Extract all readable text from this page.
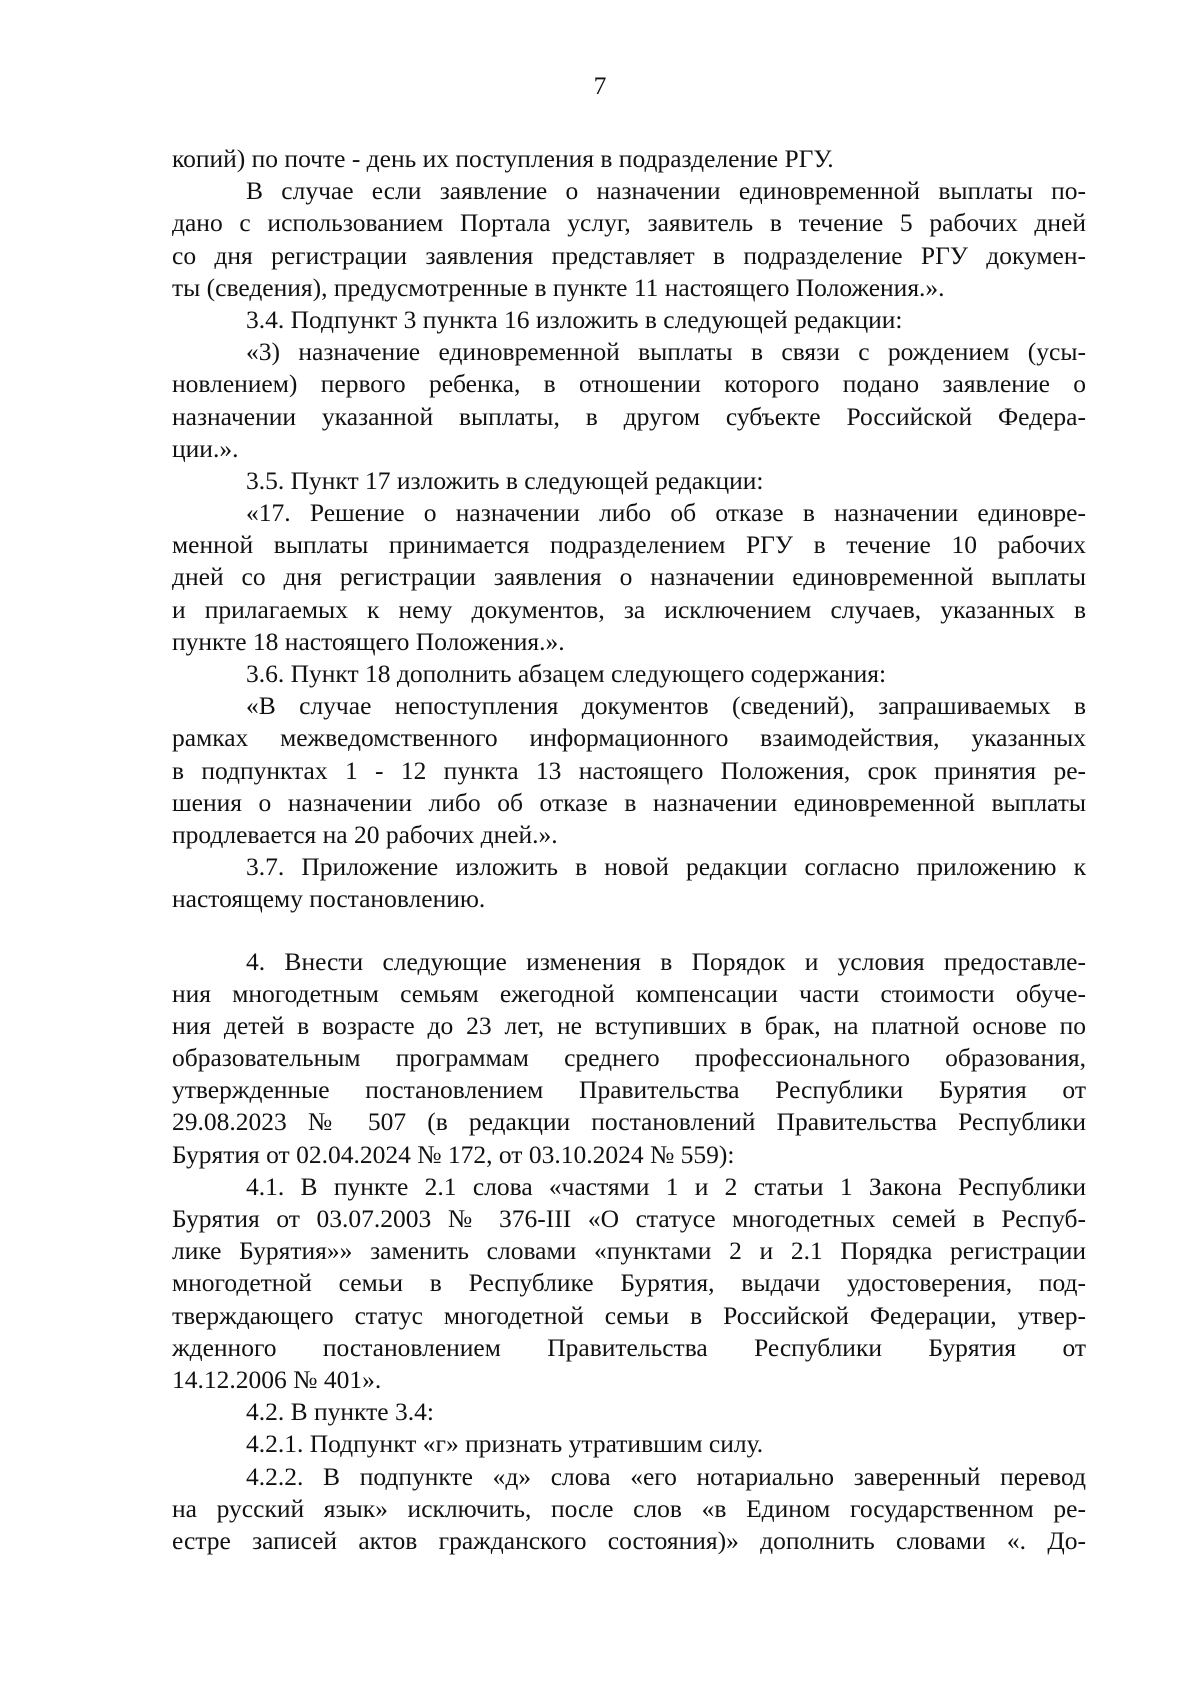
7
копий) по почте - день их поступления в подразделение РГУ.
В случае если заявление о назначении единовременной выплаты по-
дано с использованием Портала услуг, заявитель в течение 5 рабочих дней
со дня регистрации заявления представляет в подразделение РГУ докумен-
ты (сведения), предусмотренные в пункте 11 настоящего Положения.».
3.4. Подпункт 3 пункта 16 изложить в следующей редакции:
«3) назначение единовременной выплаты в связи с рождением (усы-
новлением) первого ребенка, в отношении которого подано заявление о
назначении указанной выплаты, в другом субъекте Российской Федера-
ции.».
3.5. Пункт 17 изложить в следующей редакции:
«17. Решение о назначении либо об отказе в назначении единовре-
менной выплаты принимается подразделением РГУ в течение 10 рабочих
дней со дня регистрации заявления о назначении единовременной выплаты
и прилагаемых к нему документов, за исключением случаев, указанных в
пункте 18 настоящего Положения.».
3.6. Пункт 18 дополнить абзацем следующего содержания:
«В случае непоступления документов (сведений), запрашиваемых в
рамках межведомственного информационного взаимодействия, указанных
в подпунктах 1 - 12 пункта 13 настоящего Положения, срок принятия ре-
шения о назначении либо об отказе в назначении единовременной выплаты
продлевается на 20 рабочих дней.».
3.7. Приложение изложить в новой редакции согласно приложению к
настоящему постановлению.
4. Внести следующие изменения в Порядок и условия предоставле-
ния многодетным семьям ежегодной компенсации части стоимости обуче-
ния детей в возрасте до 23 лет, не вступивших в брак, на платной основе по
образовательным программам среднего профессионального образования,
утвержденные постановлением Правительства Республики Бурятия от
29.08.2023 № 507 (в редакции постановлений Правительства Республики
Бурятия от 02.04.2024 № 172, от 03.10.2024 № 559):
4.1. В пункте 2.1 слова «частями 1 и 2 статьи 1 Закона Республики
Бурятия от 03.07.2003 № 376-III «О статусе многодетных семей в Респуб-
лике Бурятия»» заменить словами «пунктами 2 и 2.1 Порядка регистрации
многодетной семьи в Республике Бурятия, выдачи удостоверения, под-
тверждающего статус многодетной семьи в Российской Федерации, утвер-
жденного постановлением Правительства Республики Бурятия от
14.12.2006 № 401».
4.2. В пункте 3.4:
4.2.1. Подпункт «г» признать утратившим силу.
4.2.2. В подпункте «д» слова «его нотариально заверенный перевод
на русский язык» исключить, после слов «в Едином государственном ре-
естре записей актов гражданского состояния)» дополнить словами «. До-
